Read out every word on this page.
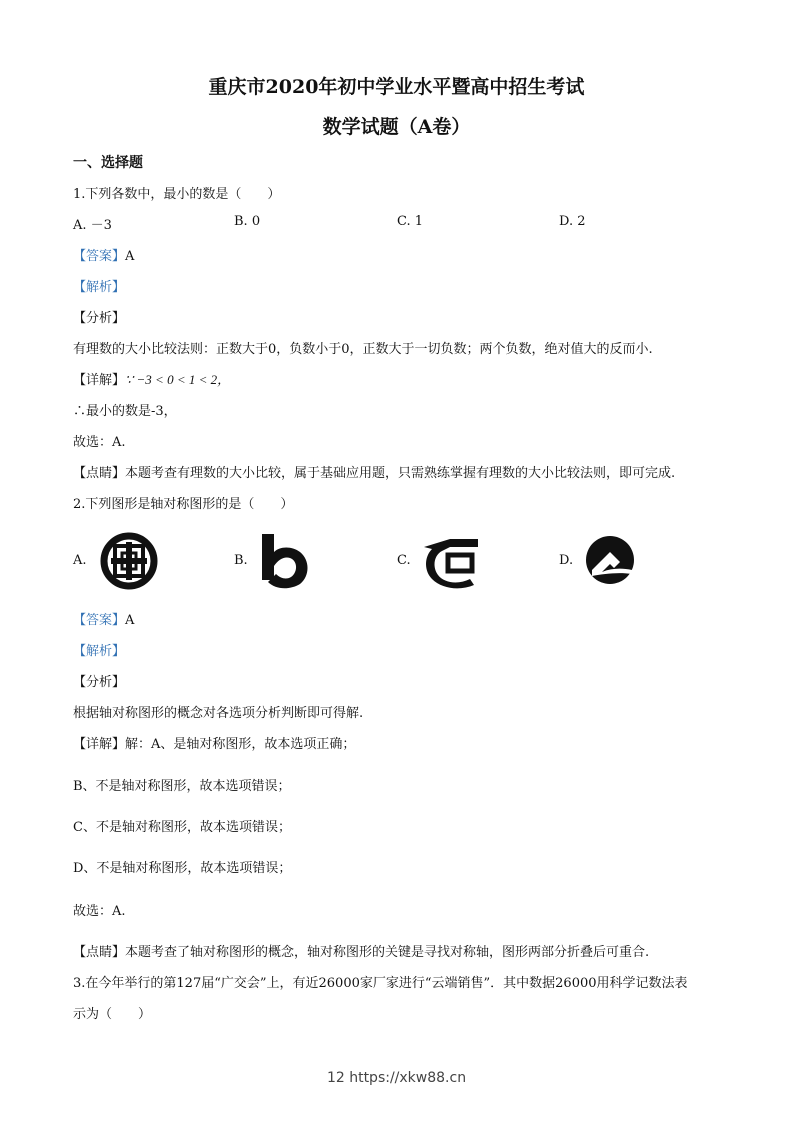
重庆市2020年初中学业水平暨高中招生考试
数学试题（A卷）
一、选择题
1.下列各数中，最小的数是（　　）
A. －3	B. 0	C. 1	D. 2
【答案】A
【解析】
【分析】
有理数的大小比较法则：正数大于0，负数小于0，正数大于一切负数；两个负数，绝对值大的反而小.
【详解】∵ −3 < 0 < 1 < 2，
∴最小的数是-3，
故选：A.
【点睛】本题考查有理数的大小比较，属于基础应用题，只需熟练掌握有理数的大小比较法则，即可完成.
2.下列图形是轴对称图形的是（　　）
A.	B.	C.	D.
【答案】A
【解析】
【分析】
根据轴对称图形的概念对各选项分析判断即可得解.
【详解】解：A、是轴对称图形，故本选项正确；
B、不是轴对称图形，故本选项错误；
C、不是轴对称图形，故本选项错误；
D、不是轴对称图形，故本选项错误；
故选：A.
【点睛】本题考查了轴对称图形的概念，轴对称图形的关键是寻找对称轴，图形两部分折叠后可重合.
3.在今年举行的第127届“广交会”上，有近26000家厂家进行“云端销售”．其中数据26000用科学记数法表
示为（　　）
12 https://xkw88.cn
